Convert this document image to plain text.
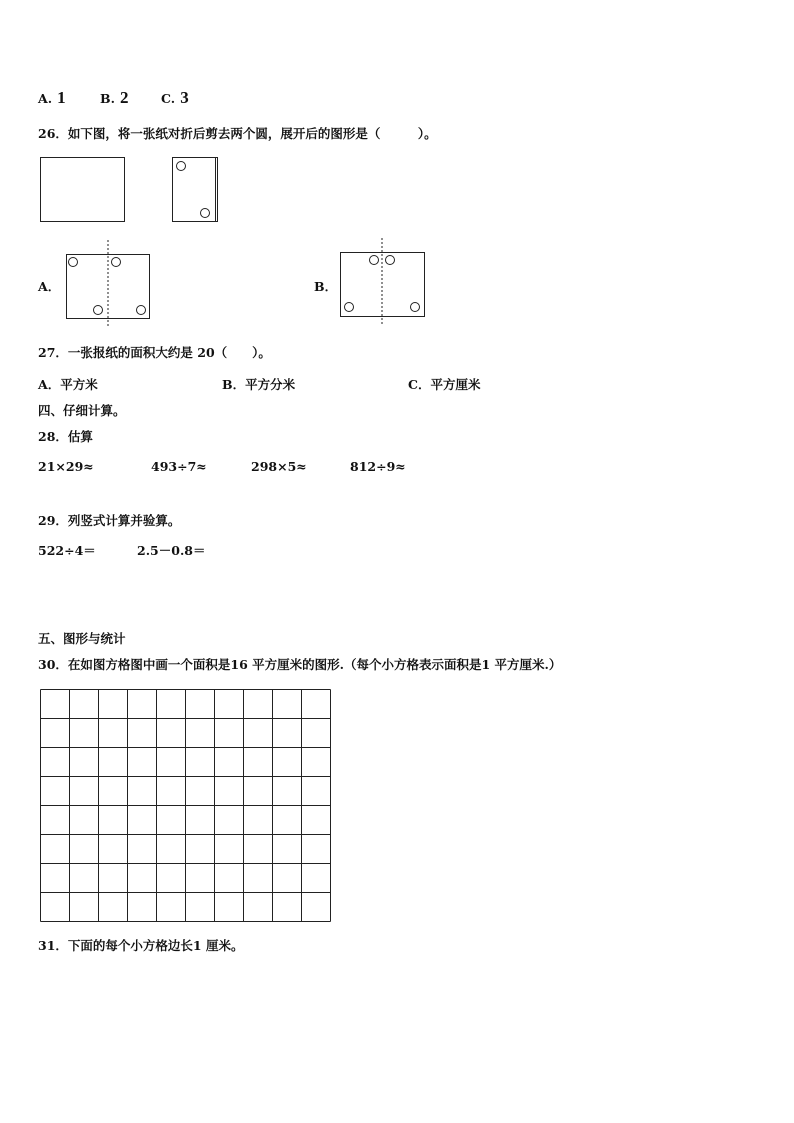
A. 1	B. 2	C. 3
26．如下图，将一张纸对折后剪去两个圆，展开后的图形是（　　　）。
A．	B．
27．一张报纸的面积大约是 20（　　）。
A．平方米	B．平方分米	C．平方厘米
四、仔细计算。
28．估算
21×29≈	493÷7≈	298×5≈	812÷9≈
29．列竖式计算并验算。
522÷4＝	2.5－0.8＝
五、图形与统计
30．在如图方格图中画一个面积是16 平方厘米的图形.（每个小方格表示面积是1 平方厘米.）
31．下面的每个小方格边长1 厘米。
